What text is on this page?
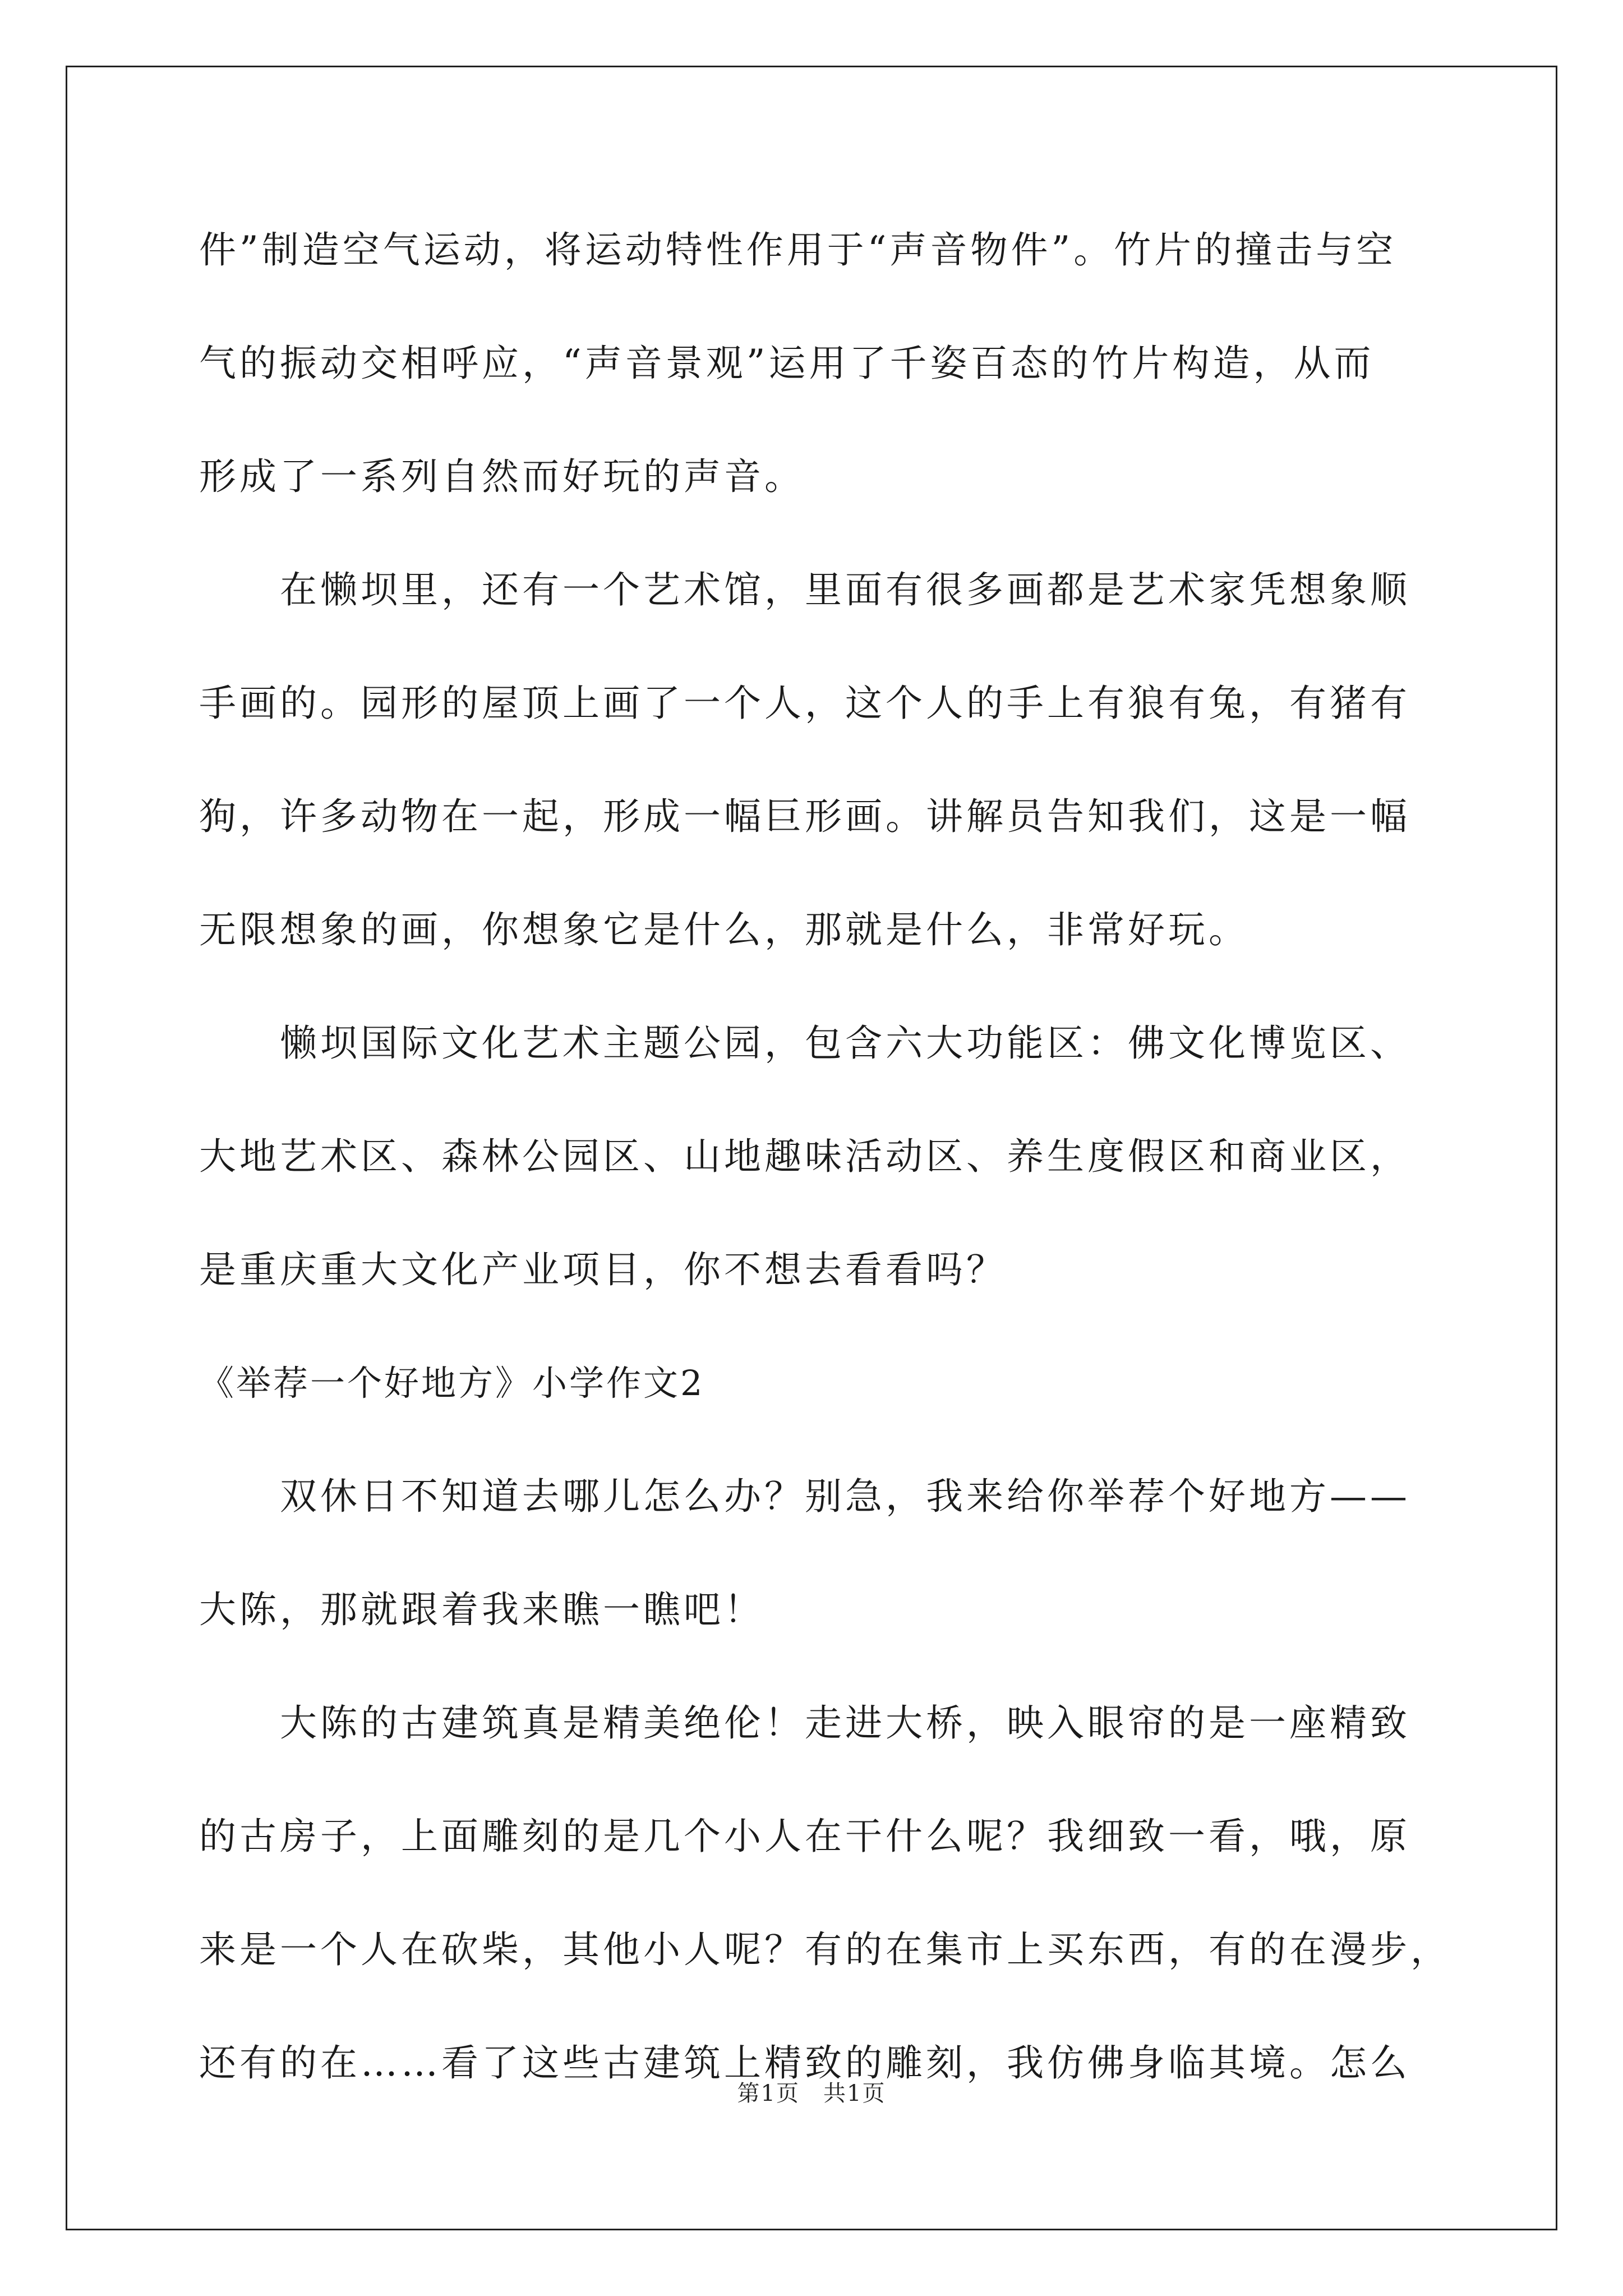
件”制造空气运动，将运动特性作用于“声音物件”。竹片的撞击与空
气的振动交相呼应，“声音景观”运用了千姿百态的竹片构造，从而
形成了一系列自然而好玩的声音。
　　在懒坝里，还有一个艺术馆，里面有很多画都是艺术家凭想象顺
手画的。园形的屋顶上画了一个人，这个人的手上有狼有兔，有猪有
狗，许多动物在一起，形成一幅巨形画。讲解员告知我们，这是一幅
无限想象的画，你想象它是什么，那就是什么，非常好玩。
　　懒坝国际文化艺术主题公园，包含六大功能区：佛文化博览区、
大地艺术区、森林公园区、山地趣味活动区、养生度假区和商业区，
是重庆重大文化产业项目，你不想去看看吗？
《举荐一个好地方》小学作文2
　　双休日不知道去哪儿怎么办？别急，我来给你举荐个好地方——
大陈，那就跟着我来瞧一瞧吧！
　　大陈的古建筑真是精美绝伦！走进大桥，映入眼帘的是一座精致
的古房子，上面雕刻的是几个小人在干什么呢？我细致一看，哦，原
来是一个人在砍柴，其他小人呢？有的在集市上买东西，有的在漫步，
还有的在……看了这些古建筑上精致的雕刻，我仿佛身临其境。怎么
第1页　共1页
